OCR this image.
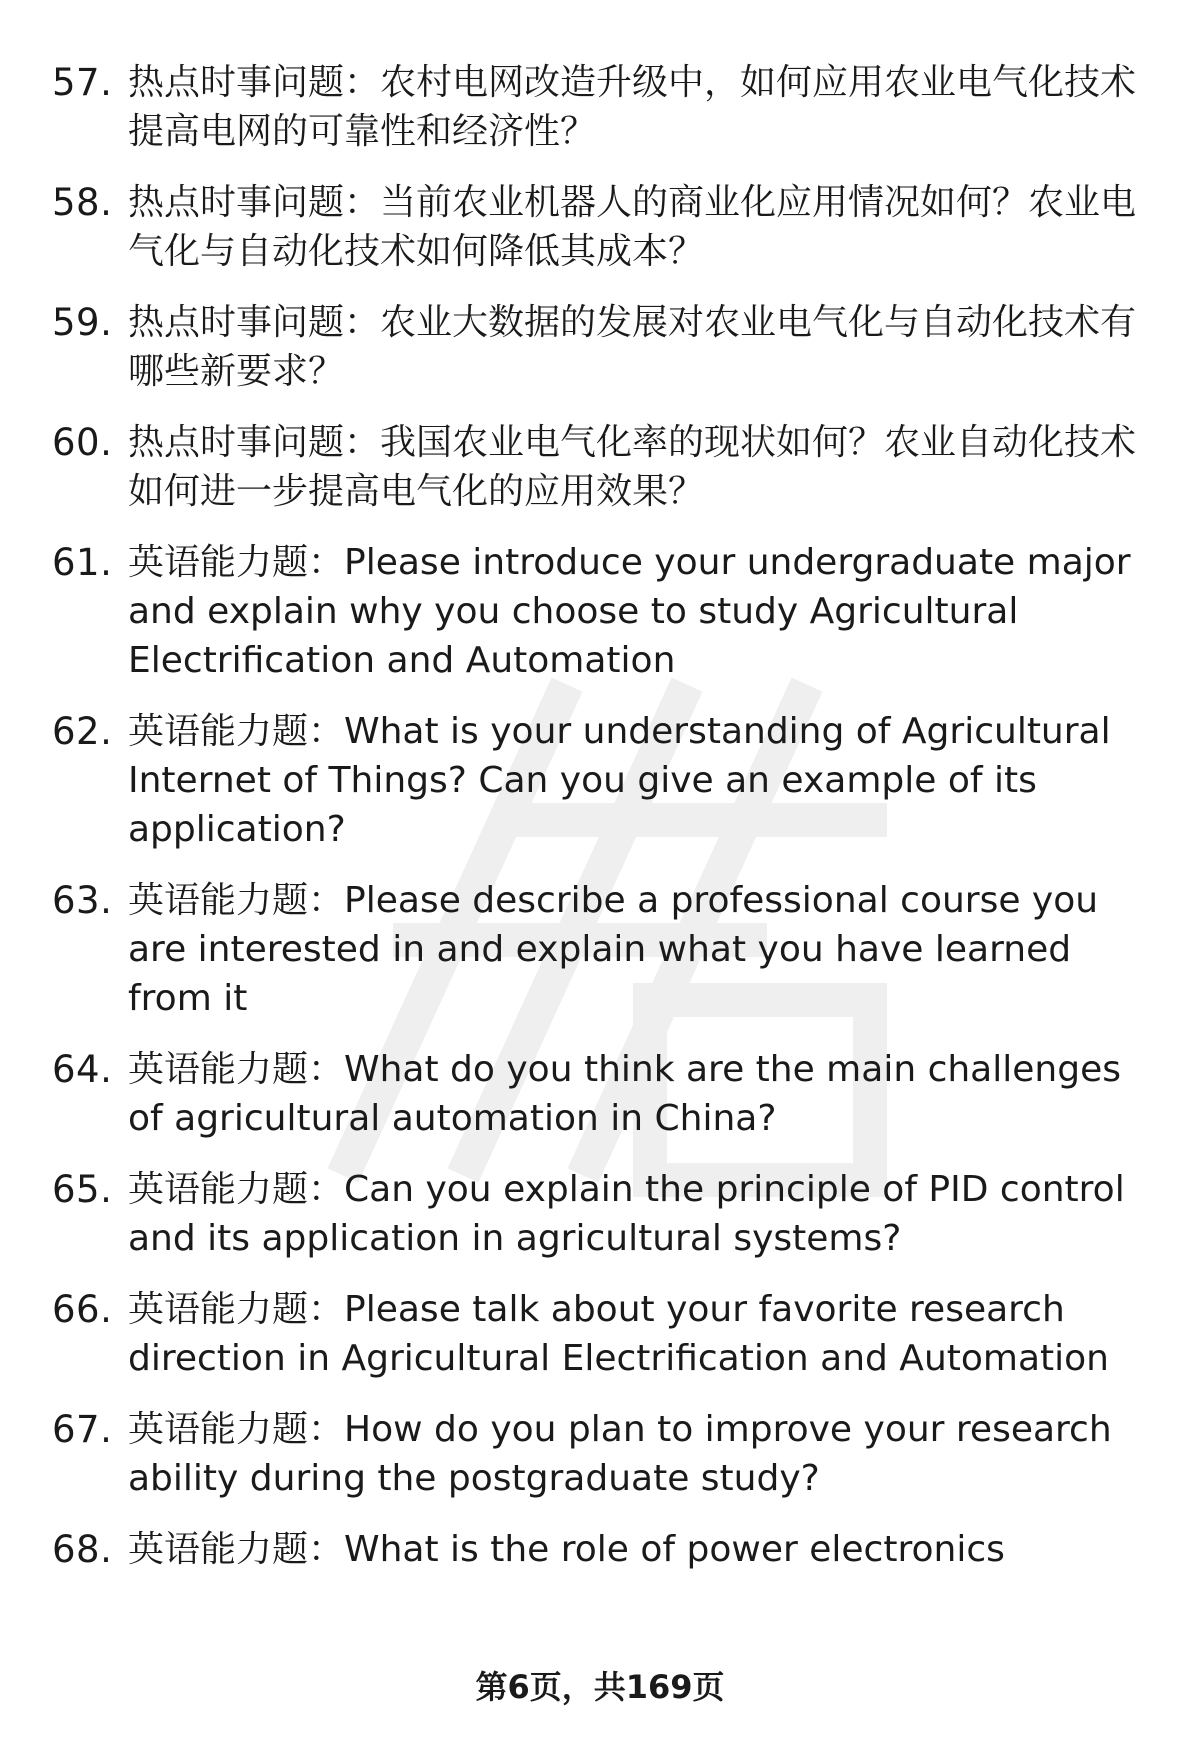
57. 热点时事问题：农村电网改造升级中，如何应用农业电气化技术提高电网的可靠性和经济性？
58. 热点时事问题：当前农业机器人的商业化应用情况如何？农业电气化与自动化技术如何降低其成本？
59. 热点时事问题：农业大数据的发展对农业电气化与自动化技术有哪些新要求？
60. 热点时事问题：我国农业电气化率的现状如何？农业自动化技术如何进一步提高电气化的应用效果？
61. 英语能力题：Please introduce your undergraduate major and explain why you choose to study Agricultural Electrification and Automation
62. 英语能力题：What is your understanding of Agricultural Internet of Things? Can you give an example of its application?
63. 英语能力题：Please describe a professional course you are interested in and explain what you have learned from it
64. 英语能力题：What do you think are the main challenges of agricultural automation in China?
65. 英语能力题：Can you explain the principle of PID control and its application in agricultural systems?
66. 英语能力题：Please talk about your favorite research direction in Agricultural Electrification and Automation
67. 英语能力题：How do you plan to improve your research ability during the postgraduate study?
68. 英语能力题：What is the role of power electronics
第6页，共169页
